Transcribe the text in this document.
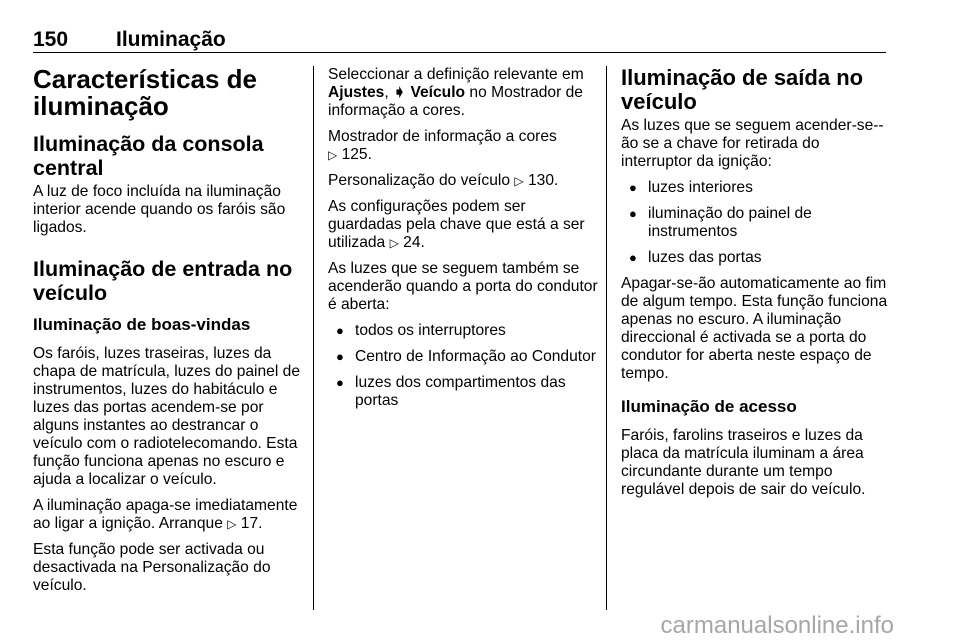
150 Iluminação
Características de iluminação
Iluminação da consola central

A luz de foco incluída na iluminação interior acende quando os faróis são ligados.

Iluminação de entrada no veículo
Iluminação de boas-vindas

Os faróis, luzes traseiras, luzes da chapa de matrícula, luzes do painel de instrumentos, luzes do habitáculo e luzes das portas acendem-se por alguns instantes ao destrancar o veículo com o radiotelecomando. Esta função funciona apenas no escuro e ajuda a localizar o veículo.

A iluminação apaga-se imediatamente ao ligar a ignição. Arranque ▷ 17.

Esta função pode ser activada ou desactivada na Personalização do veículo.

Seleccionar a definição relevante em Ajustes, ➧ Veículo no Mostrador de informação a cores.

Mostrador de informação a cores
▷ 125.

Personalização do veículo ▷ 130.

As configurações podem ser guardadas pela chave que está a ser utilizada ▷ 24.

As luzes que se seguem também se acenderão quando a porta do condutor é aberta:

● todos os interruptores
● Centro de Informação ao Condutor
● luzes dos compartimentos das portas
Iluminação de saída no veículo

As luzes que se seguem acender-se--ão se a chave for retirada do interruptor da ignição:

● luzes interiores
● iluminação do painel de instrumentos
● luzes das portas

Apagar-se-ão automaticamente ao fim de algum tempo. Esta função funciona apenas no escuro. A iluminação direccional é activada se a porta do condutor for aberta neste espaço de tempo.

Iluminação de acesso

Faróis, farolins traseiros e luzes da placa da matrícula iluminam a área circundante durante um tempo regulável depois de sair do veículo.

carmanualsonline.info
